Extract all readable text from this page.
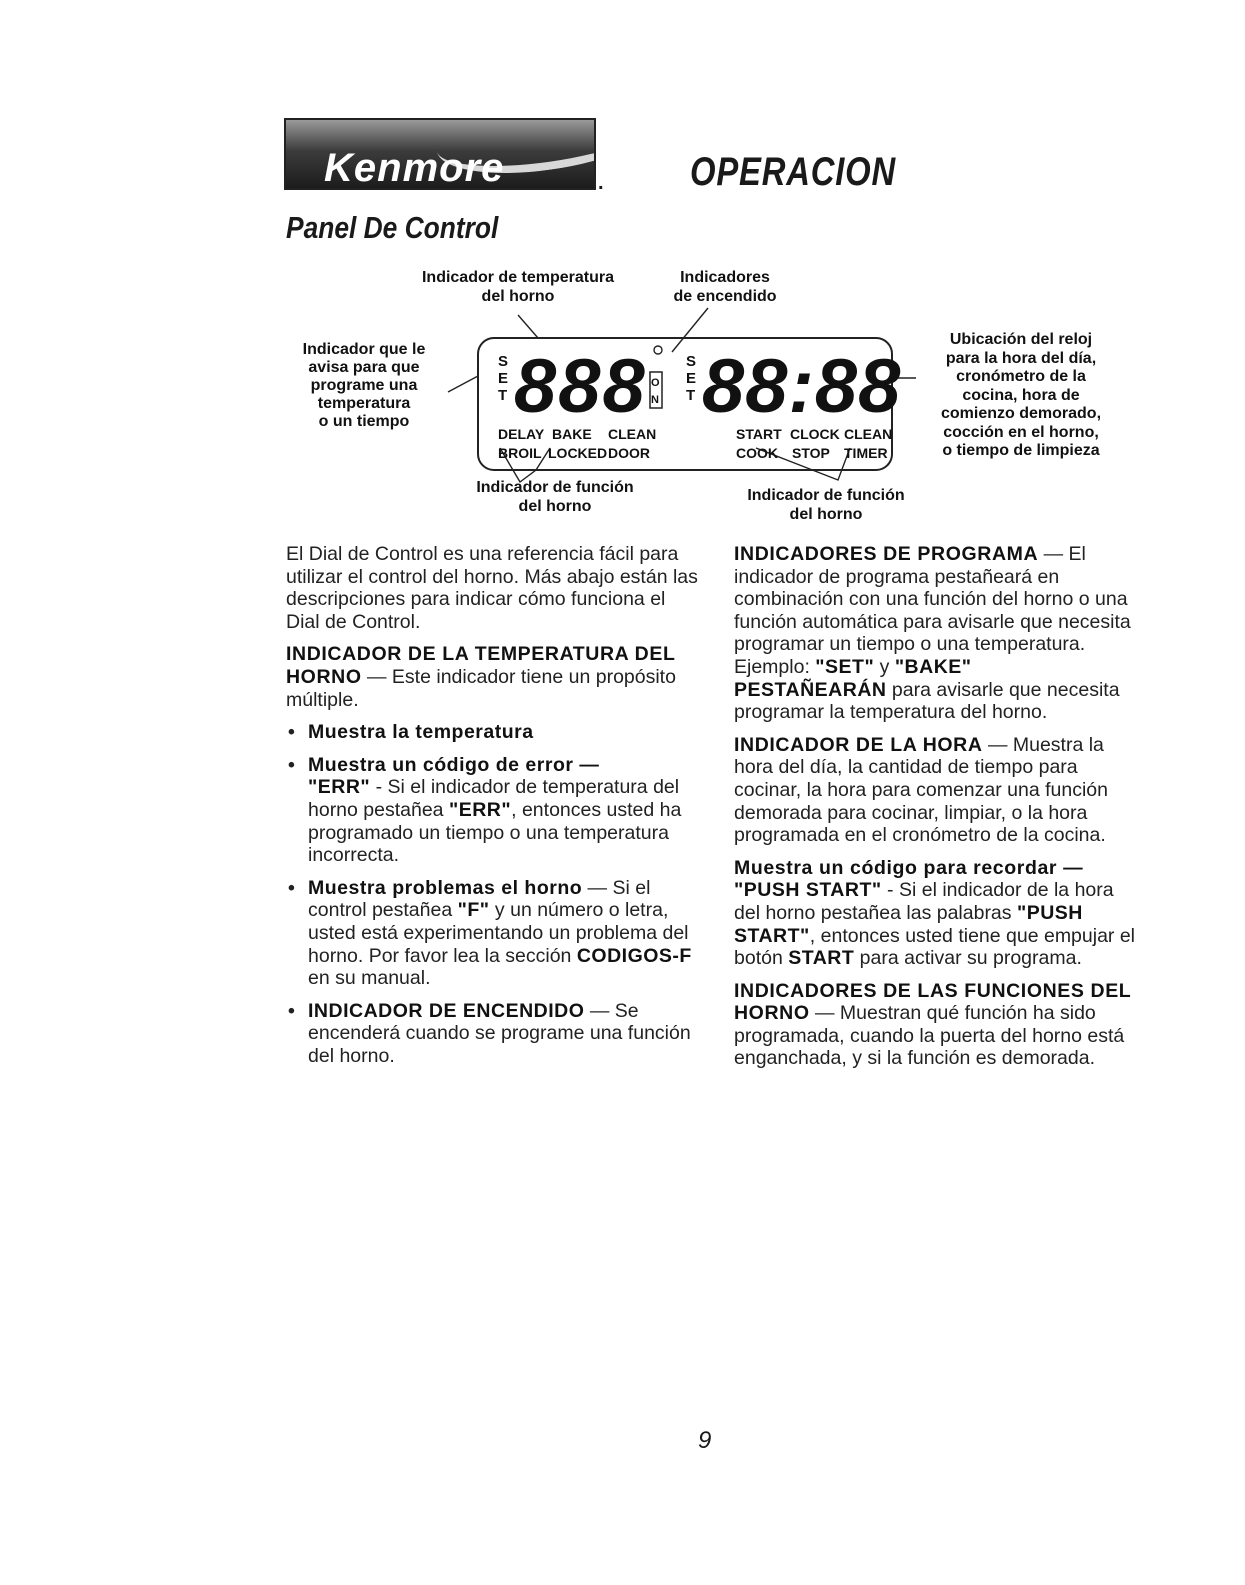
Kenmore	. OPERACION
Panel De Control
Indicador de temperatura
del horno
Indicadores
de encendido
Indicador que le
avisa para que
programe una
temperatura
o un tiempo
Ubicación del reloj
para la hora del día,
cronómetro de la
cocina, hora de
comienzo demorado,
cocción en el horno,
o tiempo de limpieza
Indicador de función
del horno
Indicador de función
del horno
S
E
T 888 O
N
DELAY BAKE CLEAN
BROIL LOCKED DOOR
S
E
T 88:88
START CLOCK CLEAN
COOK STOP TIMER

El Dial de Control es una referencia fácil para utilizar el control del horno. Más abajo están las descripciones para indicar cómo funciona el Dial de Control.

INDICADOR DE LA TEMPERATURA DEL HORNO — Este indicador tiene un propósito múltiple.

• Muestra la temperatura
• Muestra un código de error —
"ERR" - Si el indicador de temperatura del horno pestañea "ERR", entonces usted ha programado un tiempo o una temperatura incorrecta.
• Muestra problemas el horno — Si el control pestañea "F" y un número o letra, usted está experimentando un problema del horno. Por favor lea la sección CODIGOS-F en su manual.
• INDICADOR DE ENCENDIDO — Se encenderá cuando se programe una función del horno.

INDICADORES DE PROGRAMA — El indicador de programa pestañeará en combinación con una función del horno o una función automática para avisarle que necesita programar un tiempo o una temperatura. Ejemplo: "SET" y "BAKE"
PESTAÑEARÁN para avisarle que necesita programar la temperatura del horno.

INDICADOR DE LA HORA — Muestra la hora del día, la cantidad de tiempo para cocinar, la hora para comenzar una función demorada para cocinar, limpiar, o la hora programada en el cronómetro de la cocina.

Muestra un código para recordar —
"PUSH START" - Si el indicador de la hora del horno pestañea las palabras "PUSH START", entonces usted tiene que empujar el botón START para activar su programa.

INDICADORES DE LAS FUNCIONES DEL HORNO — Muestran qué función ha sido programada, cuando la puerta del horno está enganchada, y si la función es demorada.

9
